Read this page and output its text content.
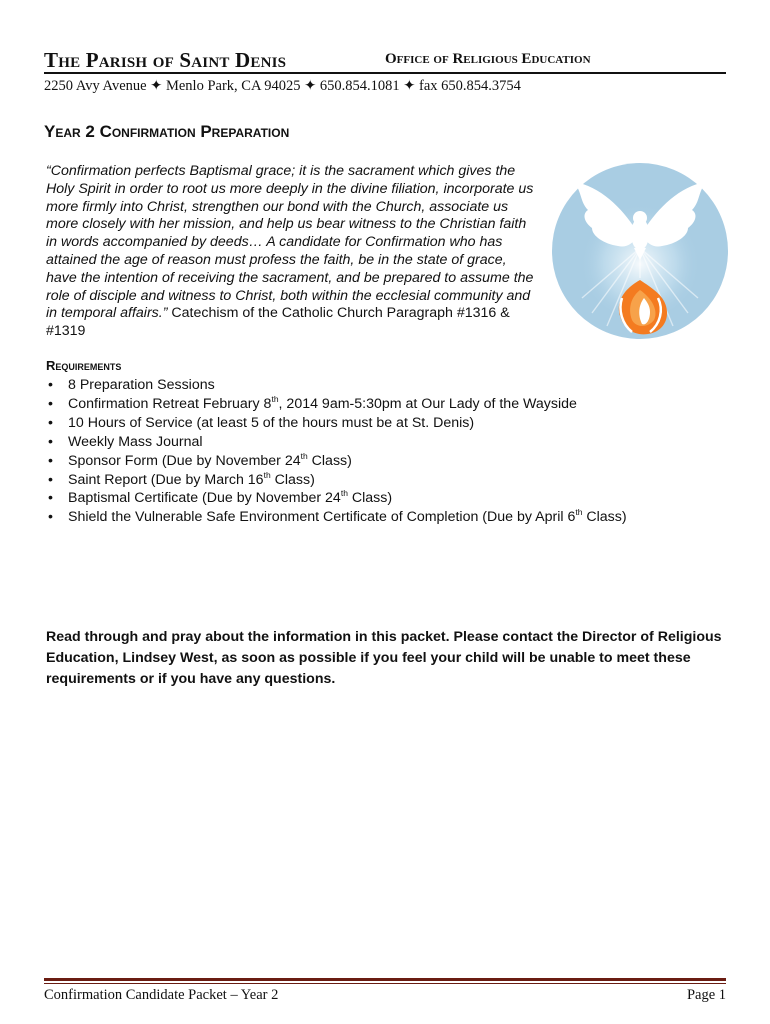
The Parish of Saint Denis	Office of Religious Education
2250 Avy Avenue ✦ Menlo Park, CA 94025 ✦ 650.854.1081 ✦ fax 650.854.3754
Year 2 Confirmation Preparation

“Confirmation perfects Baptismal grace; it is the sacrament which gives the Holy Spirit in order to root us more deeply in the divine filiation, incorporate us more firmly into Christ, strengthen our bond with the Church, associate us more closely with her mission, and help us bear witness to the Christian faith in words accompanied by deeds… A candidate for Confirmation who has attained the age of reason must profess the faith, be in the state of grace, have the intention of receiving the sacrament, and be prepared to assume the role of disciple and witness to Christ, both within the ecclesial community and in temporal affairs.” Catechism of the Catholic Church Paragraph #1316 & #1319

Requirements
• 8 Preparation Sessions
• Confirmation Retreat February 8th, 2014 9am-5:30pm at Our Lady of the Wayside
• 10 Hours of Service (at least 5 of the hours must be at St. Denis)
• Weekly Mass Journal
• Sponsor Form (Due by November 24th Class)
• Saint Report (Due by March 16th Class)
• Baptismal Certificate (Due by November 24th Class)
• Shield the Vulnerable Safe Environment Certificate of Completion (Due by April 6th Class)

Read through and pray about the information in this packet. Please contact the Director of Religious Education, Lindsey West, as soon as possible if you feel your child will be unable to meet these requirements or if you have any questions.

Confirmation Candidate Packet – Year 2	Page 1
